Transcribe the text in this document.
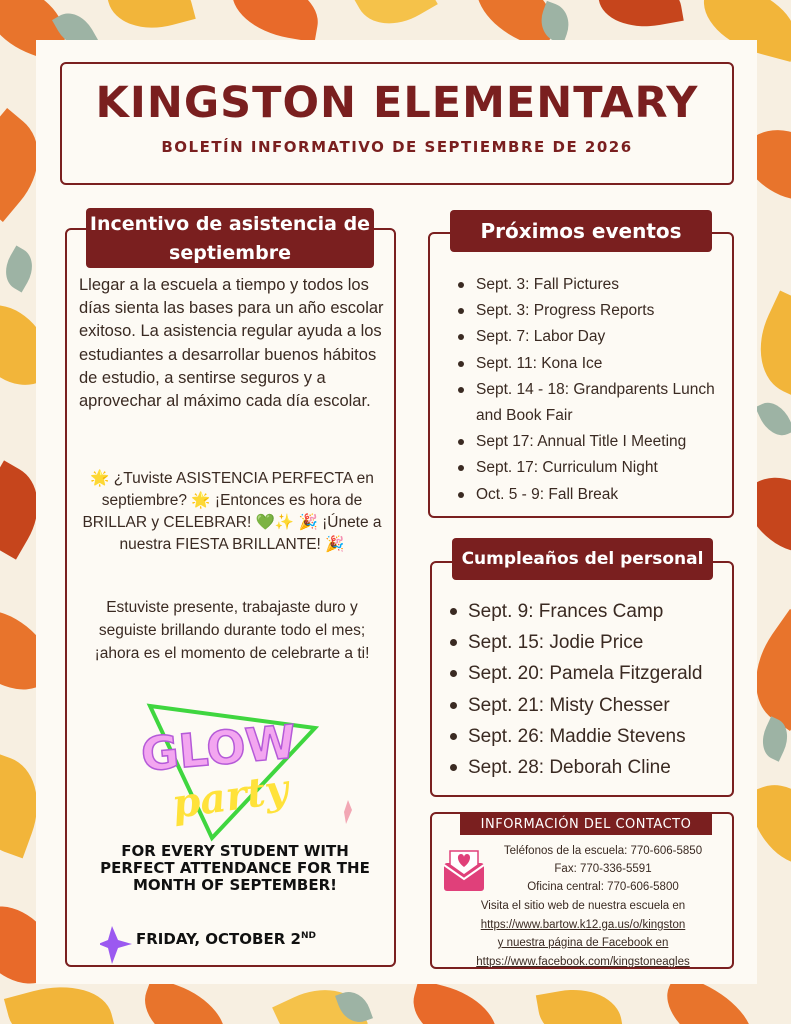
KINGSTON ELEMENTARY
BOLETÍN INFORMATIVO DE SEPTIEMBRE DE 2026
Incentivo de asistencia de septiembre

Llegar a la escuela a tiempo y todos los días sienta las bases para un año escolar exitoso. La asistencia regular ayuda a los estudiantes a desarrollar buenos hábitos de estudio, a sentirse seguros y a aprovechar al máximo cada día escolar.

🌟 ¿Tuviste ASISTENCIA PERFECTA en septiembre? 🌟 ¡Entonces es hora de BRILLAR y CELEBRAR! 💚✨ 🎉 ¡Únete a nuestra FIESTA BRILLANTE! 🎉

Estuviste presente, trabajaste duro y seguiste brillando durante todo el mes; ¡ahora es el momento de celebrarte a ti!

GLOW
party
FOR EVERY STUDENT WITH PERFECT ATTENDANCE FOR THE MONTH OF SEPTEMBER!
FRIDAY, OCTOBER 2ND
Próximos eventos
Sept. 3: Fall Pictures
Sept. 3: Progress Reports
Sept. 7: Labor Day
Sept. 11: Kona Ice
Sept. 14 - 18: Grandparents Lunch and Book Fair
Sept 17: Annual Title I Meeting
Sept. 17: Curriculum Night
Oct. 5 - 9: Fall Break
Cumpleaños del personal
Sept. 9: Frances Camp
Sept. 15: Jodie Price
Sept. 20: Pamela Fitzgerald
Sept. 21: Misty Chesser
Sept. 26: Maddie Stevens
Sept. 28: Deborah Cline
INFORMACIÓN DEL CONTACTO
Teléfonos de la escuela: 770-606-5850 Fax: 770-336-5591
Oficina central: 770-606-5800
Visita el sitio web de nuestra escuela en
https://www.bartow.k12.ga.us/o/kingston
y nuestra página de Facebook en
https://www.facebook.com/kingstoneagles
